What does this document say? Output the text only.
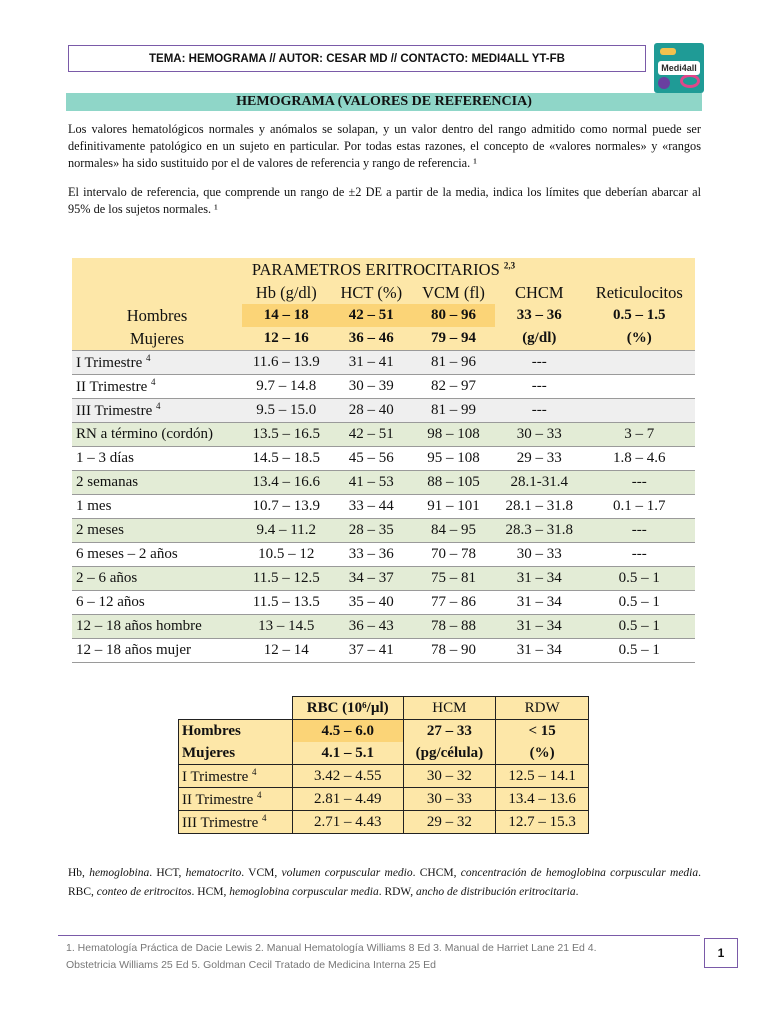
TEMA: HEMOGRAMA // AUTOR: CESAR MD // CONTACTO: MEDI4ALL YT-FB
Medi4all
HEMOGRAMA (VALORES DE REFERENCIA)
Los valores hematológicos normales y anómalos se solapan, y un valor dentro del rango admitido como normal puede ser definitivamente patológico en un sujeto en particular. Por todas estas razones, el concepto de «valores normales» y «rangos normales» ha sido sustituido por el de valores de referencia y rango de referencia. ¹
El intervalo de referencia, que comprende un rango de ±2 DE a partir de la media, indica los límites que deberían abarcar al 95% de los sujetos normales. ¹
PARAMETROS ERITROCITARIOS $^{2,3}$
	Hb (g/dl)	HCT (%)	VCM (fl)	CHCM	Reticulocitos
Hombres	14 – 18	42 – 51	80 – 96	33 – 36	0.5 – 1.5
Mujeres	12 – 16	36 – 46	79 – 94	(g/dl)	(%)
I Trimestre $^4$	11.6 – 13.9	31 – 41	81 – 96	---	
II Trimestre $^4$	9.7 – 14.8	30 – 39	82 – 97	---	
III Trimestre $^4$	9.5 – 15.0	28 – 40	81 – 99	---	
RN a término (cordón)	13.5 – 16.5	42 – 51	98 – 108	30 – 33	3 – 7
1 – 3 días	14.5 – 18.5	45 – 56	95 – 108	29 – 33	1.8 – 4.6
2 semanas	13.4 – 16.6	41 – 53	88 – 105	28.1-31.4	---
1 mes	10.7 – 13.9	33 – 44	91 – 101	28.1 – 31.8	0.1 – 1.7
2 meses	9.4 – 11.2	28 – 35	84 – 95	28.3 – 31.8	---
6 meses – 2 años	10.5 – 12	33 – 36	70 – 78	30 – 33	---
2 – 6 años	11.5 – 12.5	34 – 37	75 – 81	31 – 34	0.5 – 1
6 – 12 años	11.5 – 13.5	35 – 40	77 – 86	31 – 34	0.5 – 1
12 – 18 años hombre	13 – 14.5	36 – 43	78 – 88	31 – 34	0.5 – 1
12 – 18 años mujer	12 – 14	37 – 41	78 – 90	31 – 34	0.5 – 1
	RBC (10⁶/µl)	HCM	RDW
Hombres	4.5 – 6.0	27 – 33	< 15
Mujeres	4.1 – 5.1	(pg/célula)	(%)
I Trimestre $^4$	3.42 – 4.55	30 – 32	12.5 – 14.1
II Trimestre $^4$	2.81 – 4.49	30 – 33	13.4 – 13.6
III Trimestre $^4$	2.71 – 4.43	29 – 32	12.7 – 15.3
Hb, hemoglobina. HCT, hematocrito. VCM, volumen corpuscular medio. CHCM, concentración de hemoglobina corpuscular media. RBC, conteo de eritrocitos. HCM, hemoglobina corpuscular media. RDW, ancho de distribución eritrocitaria.
1. Hematología Práctica de Dacie Lewis 2. Manual Hematología Williams 8 Ed 3. Manual de Harriet Lane 21 Ed 4.
Obstetricia Williams 25 Ed 5. Goldman Cecil Tratado de Medicina Interna 25 Ed
1
